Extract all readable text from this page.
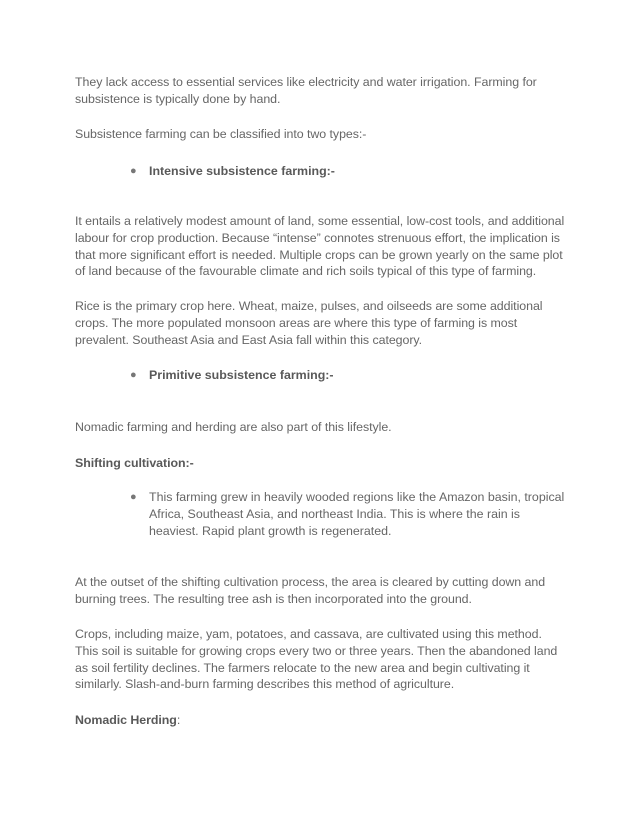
They lack access to essential services like electricity and water irrigation. Farming for subsistence is typically done by hand.

Subsistence farming can be classified into two types:-

● Intensive subsistence farming:-

It entails a relatively modest amount of land, some essential, low-cost tools, and additional labour for crop production. Because “intense” connotes strenuous effort, the implication is that more significant effort is needed. Multiple crops can be grown yearly on the same plot of land because of the favourable climate and rich soils typical of this type of farming.

Rice is the primary crop here. Wheat, maize, pulses, and oilseeds are some additional crops. The more populated monsoon areas are where this type of farming is most prevalent. Southeast Asia and East Asia fall within this category.

● Primitive subsistence farming:-

Nomadic farming and herding are also part of this lifestyle.

Shifting cultivation:-

● This farming grew in heavily wooded regions like the Amazon basin, tropical Africa, Southeast Asia, and northeast India. This is where the rain is heaviest. Rapid plant growth is regenerated.

At the outset of the shifting cultivation process, the area is cleared by cutting down and burning trees. The resulting tree ash is then incorporated into the ground.

Crops, including maize, yam, potatoes, and cassava, are cultivated using this method. This soil is suitable for growing crops every two or three years. Then the abandoned land as soil fertility declines. The farmers relocate to the new area and begin cultivating it similarly. Slash-and-burn farming describes this method of agriculture.

Nomadic Herding:
